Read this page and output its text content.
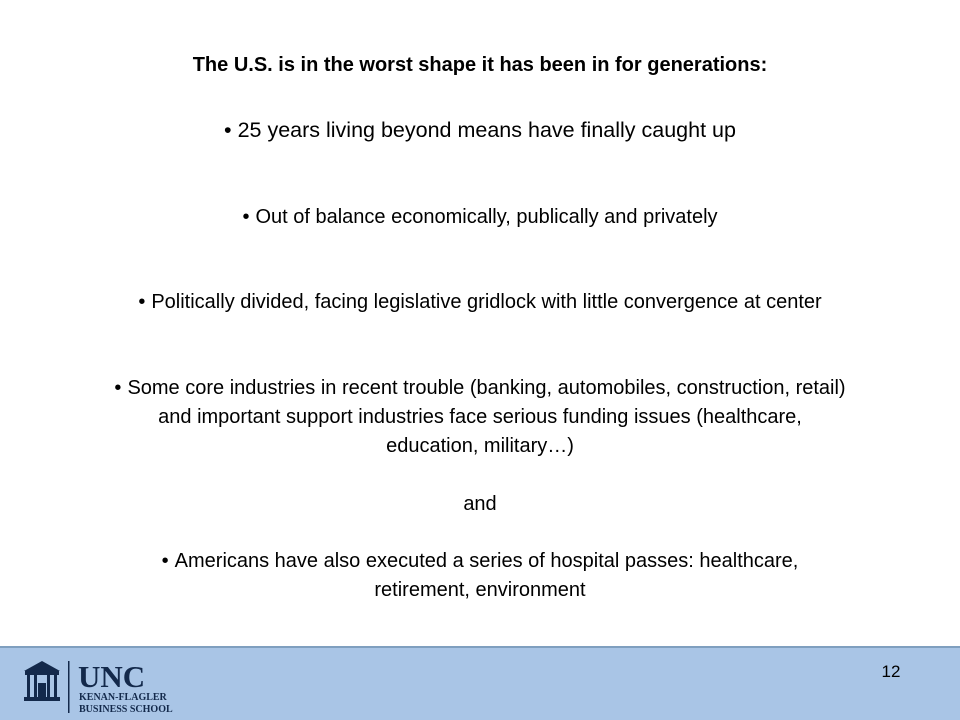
The U.S. is in the worst shape it has been in for generations:
• 25 years living beyond means have finally caught up
• Out of balance economically, publically and privately
• Politically divided, facing legislative gridlock with little convergence at center
• Some core industries in recent trouble (banking, automobiles, construction, retail)
and important support industries face serious funding issues (healthcare,
education, military…)
and
• Americans have also executed a series of hospital passes: healthcare,
retirement, environment
UNC
KENAN-FLAGLER
BUSINESS SCHOOL
12
